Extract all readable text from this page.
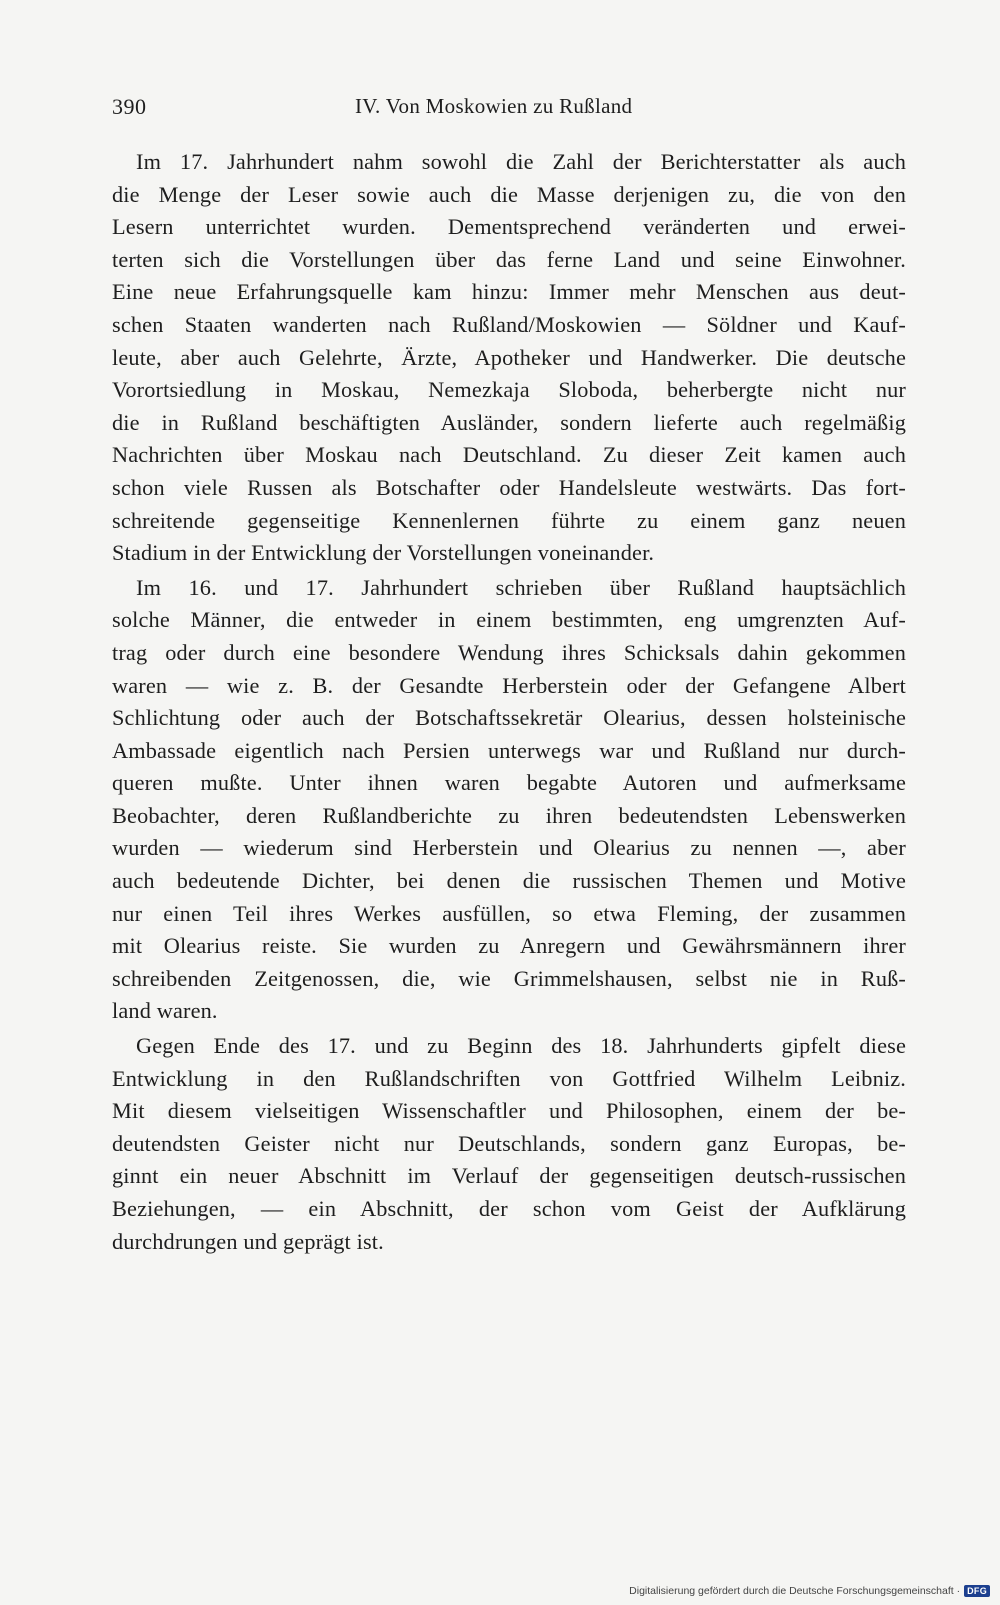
390	IV. Von Moskowien zu Rußland
Im 17. Jahrhundert nahm sowohl die Zahl der Berichterstatter als auch
die Menge der Leser sowie auch die Masse derjenigen zu, die von den
Lesern unterrichtet wurden. Dementsprechend veränderten und erwei-
terten sich die Vorstellungen über das ferne Land und seine Einwohner.
Eine neue Erfahrungsquelle kam hinzu: Immer mehr Menschen aus deut-
schen Staaten wanderten nach Rußland/Moskowien — Söldner und Kauf-
leute, aber auch Gelehrte, Ärzte, Apotheker und Handwerker. Die deutsche
Vorortsiedlung in Moskau, Nemezkaja Sloboda, beherbergte nicht nur
die in Rußland beschäftigten Ausländer, sondern lieferte auch regelmäßig
Nachrichten über Moskau nach Deutschland. Zu dieser Zeit kamen auch
schon viele Russen als Botschafter oder Handelsleute westwärts. Das fort-
schreitende gegenseitige Kennenlernen führte zu einem ganz neuen
Stadium in der Entwicklung der Vorstellungen voneinander.
Im 16. und 17. Jahrhundert schrieben über Rußland hauptsächlich
solche Männer, die entweder in einem bestimmten, eng umgrenzten Auf-
trag oder durch eine besondere Wendung ihres Schicksals dahin gekommen
waren — wie z. B. der Gesandte Herberstein oder der Gefangene Albert
Schlichtung oder auch der Botschaftssekretär Olearius, dessen holsteinische
Ambassade eigentlich nach Persien unterwegs war und Rußland nur durch-
queren mußte. Unter ihnen waren begabte Autoren und aufmerksame
Beobachter, deren Rußlandberichte zu ihren bedeutendsten Lebenswerken
wurden — wiederum sind Herberstein und Olearius zu nennen —, aber
auch bedeutende Dichter, bei denen die russischen Themen und Motive
nur einen Teil ihres Werkes ausfüllen, so etwa Fleming, der zusammen
mit Olearius reiste. Sie wurden zu Anregern und Gewährsmännern ihrer
schreibenden Zeitgenossen, die, wie Grimmelshausen, selbst nie in Ruß-
land waren.
Gegen Ende des 17. und zu Beginn des 18. Jahrhunderts gipfelt diese
Entwicklung in den Rußlandschriften von Gottfried Wilhelm Leibniz.
Mit diesem vielseitigen Wissenschaftler und Philosophen, einem der be-
deutendsten Geister nicht nur Deutschlands, sondern ganz Europas, be-
ginnt ein neuer Abschnitt im Verlauf der gegenseitigen deutsch-russischen
Beziehungen, — ein Abschnitt, der schon vom Geist der Aufklärung
durchdrungen und geprägt ist.
Digitalisierung gefördert durch die Deutsche Forschungsgemeinschaft · DFG
